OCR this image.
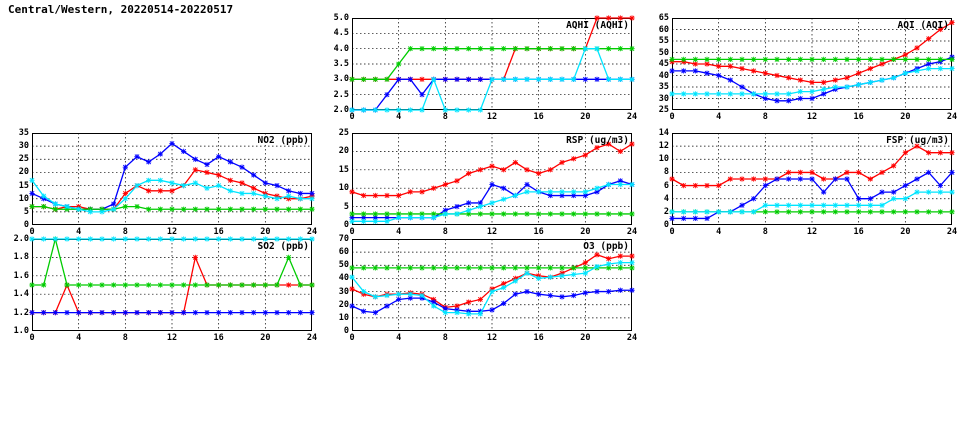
Central/Western, 20220514-20220517
AQHI (AQHI)
2.0
2.5
3.0
3.5
4.0
4.5
5.0
0	4	8	12	16	20	24
AQI (AQI)
25
30
35
40
45
50
55
60
65
0	4	8	12	16	20	24
NO2 (ppb)
0
5
10
15
20
25
30
35
0	4	8	12	16	20	24
RSP (ug/m3)
0
5
10
15
20
25
0	4	8	12	16	20	24
FSP (ug/m3)
0
2
4
6
8
10
12
14
0	4	8	12	16	20	24
SO2 (ppb)
1.0
1.2
1.4
1.6
1.8
2.0
0	4	8	12	16	20	24
O3 (ppb)
0
10
20
30
40
50
60
70
0	4	8	12	16	20	24
